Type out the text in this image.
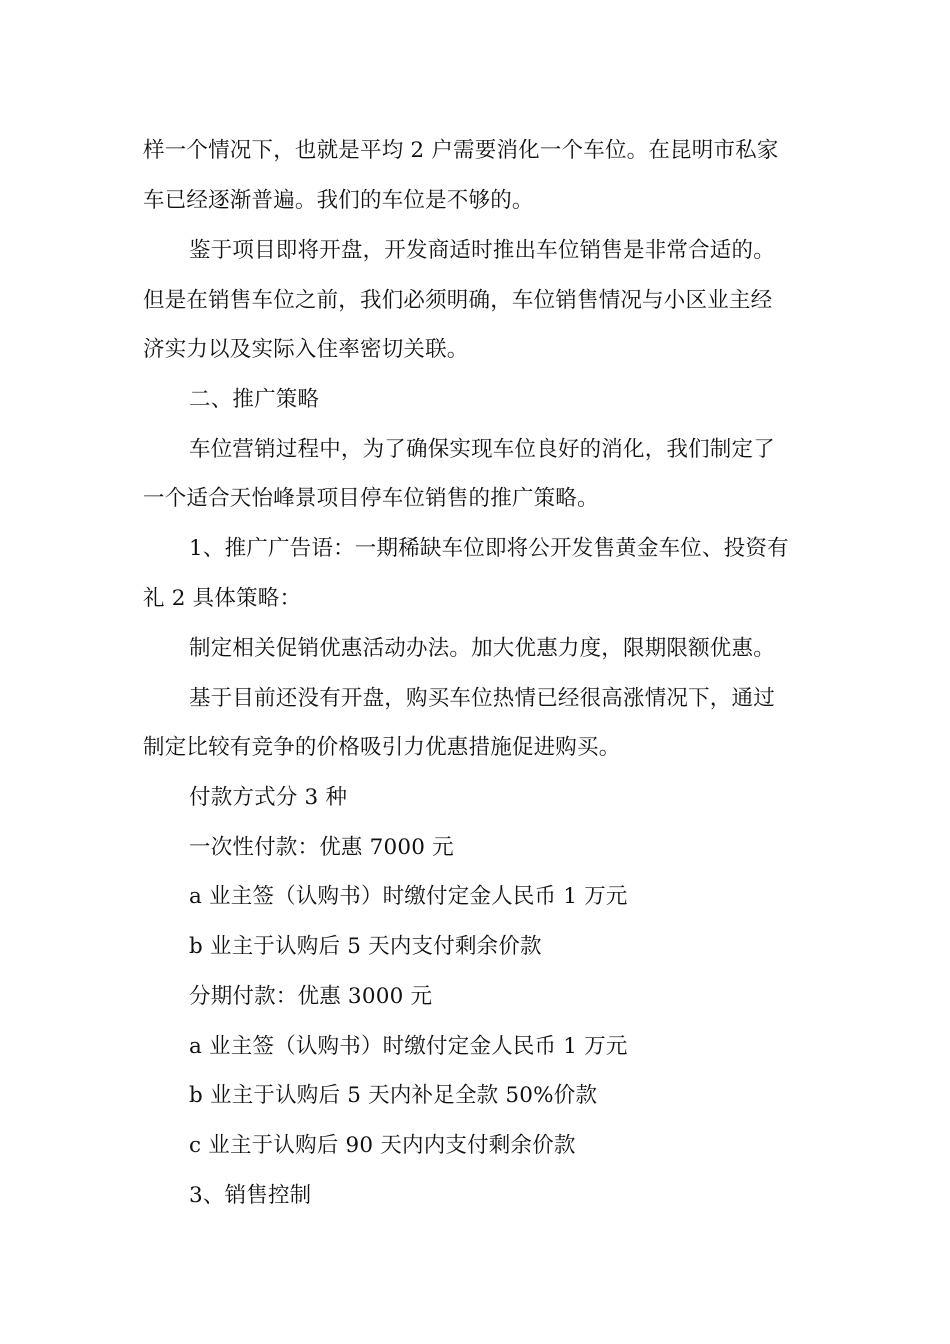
样一个情况下，也就是平均 2 户需要消化一个车位。在昆明市私家
车已经逐渐普遍。我们的车位是不够的。
鉴于项目即将开盘，开发商适时推出车位销售是非常合适的。
但是在销售车位之前，我们必须明确，车位销售情况与小区业主经
济实力以及实际入住率密切关联。
二、推广策略
车位营销过程中，为了确保实现车位良好的消化，我们制定了
一个适合天怡峰景项目停车位销售的推广策略。
1、推广广告语：一期稀缺车位即将公开发售黄金车位、投资有
礼 2 具体策略：
制定相关促销优惠活动办法。加大优惠力度，限期限额优惠。
基于目前还没有开盘，购买车位热情已经很高涨情况下，通过
制定比较有竞争的价格吸引力优惠措施促进购买。
付款方式分 3 种
一次性付款：优惠 7000 元
a 业主签（认购书）时缴付定金人民币 1 万元
b 业主于认购后 5 天内支付剩余价款
分期付款：优惠 3000 元
a 业主签（认购书）时缴付定金人民币 1 万元
b 业主于认购后 5 天内补足全款 50%价款
c 业主于认购后 90 天内内支付剩余价款
3、销售控制
